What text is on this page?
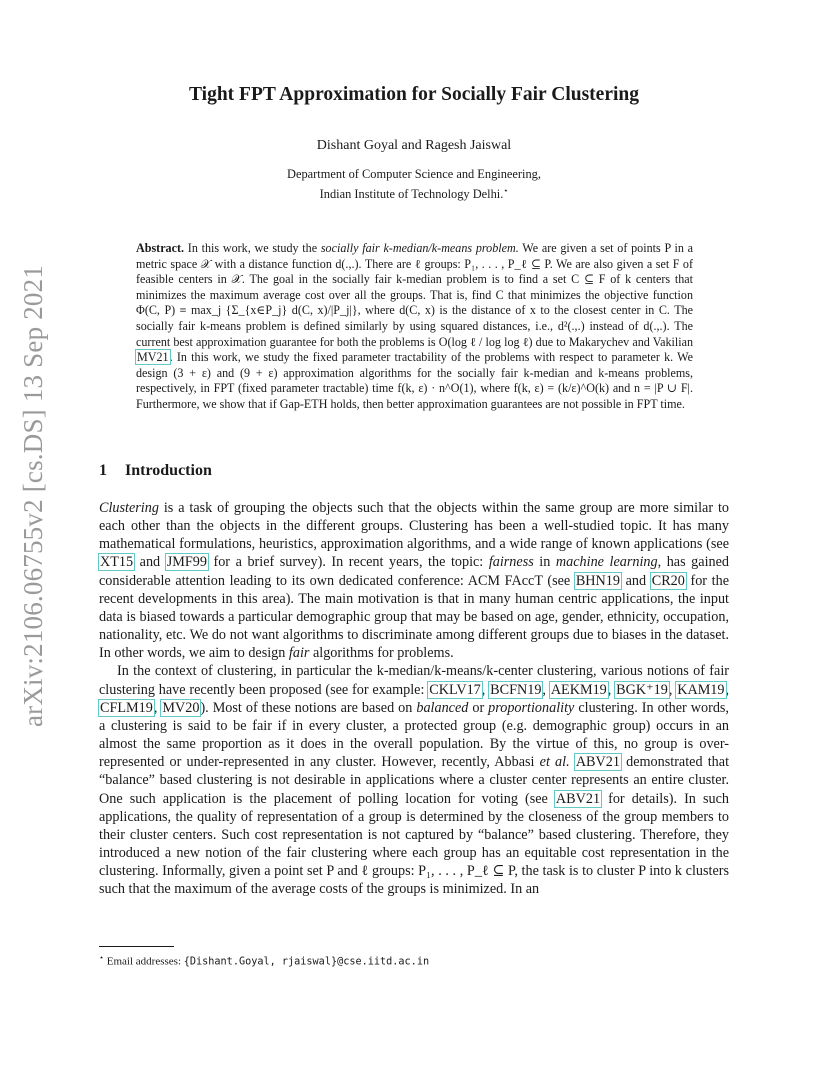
arXiv:2106.06755v2 [cs.DS] 13 Sep 2021
Tight FPT Approximation for Socially Fair Clustering
Dishant Goyal and Ragesh Jaiswal
Department of Computer Science and Engineering,
Indian Institute of Technology Delhi.⋆

Abstract. In this work, we study the socially fair k-median/k-means problem. We are given a set of points P in a metric space 𝒳 with a distance function d(.,.). There are ℓ groups: P₁, . . . , P_ℓ ⊆ P. We are also given a set F of feasible centers in 𝒳. The goal in the socially fair k-median problem is to find a set C ⊆ F of k centers that minimizes the maximum average cost over all the groups. That is, find C that minimizes the objective function Φ(C, P) ≡ max_j {Σ_{x∈P_j} d(C, x)/|P_j|}, where d(C, x) is the distance of x to the closest center in C. The socially fair k-means problem is defined similarly by using squared distances, i.e., d²(.,.) instead of d(.,.). The current best approximation guarantee for both the problems is O(log ℓ / log log ℓ) due to Makarychev and Vakilian MV21. In this work, we study the fixed parameter tractability of the problems with respect to parameter k. We design (3 + ε) and (9 + ε) approximation algorithms for the socially fair k-median and k-means problems, respectively, in FPT (fixed parameter tractable) time f(k, ε) · n^O(1), where f(k, ε) = (k/ε)^O(k) and n = |P ∪ F|. Furthermore, we show that if Gap-ETH holds, then better approximation guarantees are not possible in FPT time.

1 Introduction

Clustering is a task of grouping the objects such that the objects within the same group are more similar to each other than the objects in the different groups. Clustering has been a well-studied topic. It has many mathematical formulations, heuristics, approximation algorithms, and a wide range of known applications (see XT15 and JMF99 for a brief survey). In recent years, the topic: fairness in machine learning, has gained considerable attention leading to its own dedicated conference: ACM FAccT (see BHN19 and CR20 for the recent developments in this area). The main motivation is that in many human centric applications, the input data is biased towards a particular demographic group that may be based on age, gender, ethnicity, occupation, nationality, etc. We do not want algorithms to discriminate among different groups due to biases in the dataset. In other words, we aim to design fair algorithms for problems.

In the context of clustering, in particular the k-median/k-means/k-center clustering, various notions of fair clustering have recently been proposed (see for example: CKLV17, BCFN19, AEKM19, BGK⁺19, KAM19, CFLM19, MV20). Most of these notions are based on balanced or proportionality clustering. In other words, a clustering is said to be fair if in every cluster, a protected group (e.g. demographic group) occurs in an almost the same proportion as it does in the overall population. By the virtue of this, no group is over-represented or under-represented in any cluster. However, recently, Abbasi et al. ABV21 demonstrated that “balance” based clustering is not desirable in applications where a cluster center represents an entire cluster. One such application is the placement of polling location for voting (see ABV21 for details). In such applications, the quality of representation of a group is determined by the closeness of the group members to their cluster centers. Such cost representation is not captured by “balance” based clustering. Therefore, they introduced a new notion of the fair clustering where each group has an equitable cost representation in the clustering. Informally, given a point set P and ℓ groups: P₁, . . . , P_ℓ ⊆ P, the task is to cluster P into k clusters such that the maximum of the average costs of the groups is minimized. In an

⋆ Email addresses: {Dishant.Goyal, rjaiswal}@cse.iitd.ac.in
